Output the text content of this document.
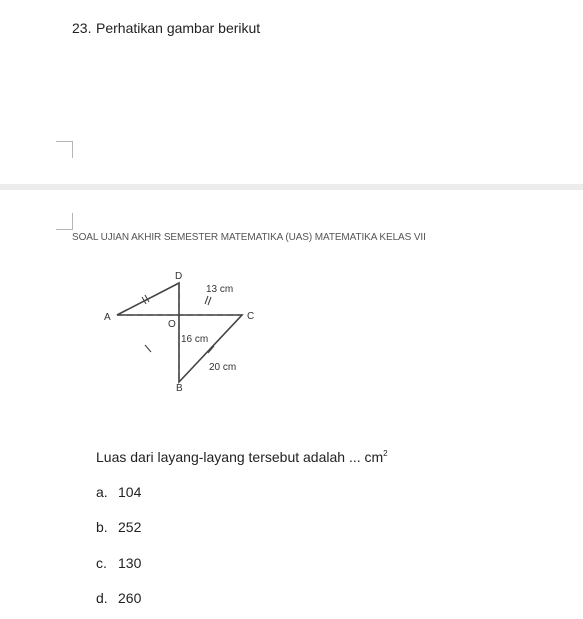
23. Perhatikan gambar berikut
SOAL UJIAN AKHIR SEMESTER MATEMATIKA (UAS) MATEMATIKA KELAS VII
D
A	C
B
O
13 cm
16 cm
20 cm
Luas dari layang-layang tersebut adalah ... $cm^2$
a. 104
b. 252
c. 130
d. 260
